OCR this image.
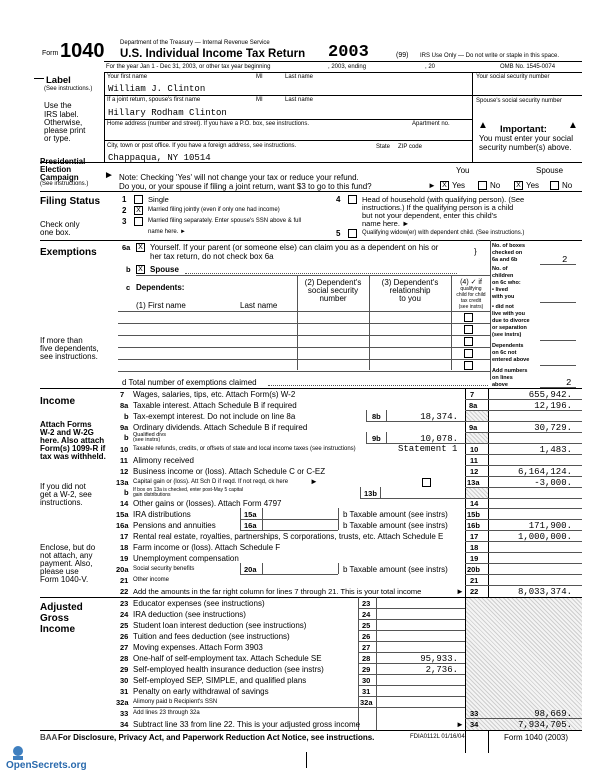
Form 1040	Department of the Treasury — Internal Revenue Service
U.S. Individual Income Tax Return 2003	(99) IRS Use Only — Do not write or staple in this space.
For the year Jan 1 - Dec 31, 2003, or other tax year beginning	, 2003, ending	, 20	OMB No. 1545-0074
Label
(See instructions.)
Use the
IRS label.
Otherwise,
please print
or type.
Your first name	MI	Last name	Your social security number
William J. Clinton
If a joint return, spouse's first name	MI	Last name	Spouse's social security number
Hillary Rodham Clinton
Home address (number and street). If you have a P.O. box, see instructions.	Apartment no.
City, town or post office. If you have a foreign address, see instructions.	State ZIP code
Chappaqua, NY 10514
▲ Important: ▲
You must enter your social
security number(s) above.
Presidential
Election
Campaign
(See instructions.)
► Note: Checking 'Yes' will not change your tax or reduce your refund.
Do you, or your spouse if filing a joint return, want $3 to go to this fund?
You	Spouse
► X Yes	No	X Yes	No
Filing Status
Check only
one box.
1	Single
2	X	Married filing jointly (even if only one had income)
3	Married filing separately. Enter spouse's SSN above & full
name here. ►
4	Head of household (with qualifying person). (See
instructions.) If the qualifying person is a child
but not your dependent, enter this child's
name here. ►
5	Qualifying widow(er) with dependent child. (See instructions.)
Exemptions	6a	X Yourself. If your parent (or someone else) can claim you as a dependent on his or
her tax return, do not check box 6a
b	X Spouse
}
c Dependents:
(1) First name	Last name
(2) Dependent's
social security
number
(3) Dependent's
relationship
to you
(4) ✓ if
qualifying
child for child
tax credit
(see instrs)
If more than
five dependents,
see instructions.
No. of boxes
checked on
6a and 6b	2
No. of
children
on 6c who:
• lived
with you
• did not
live with you
due to divorce
or separation
(see instrs)
Dependents
on 6c not
entered above
Add numbers
on lines
above
d Total number of exemptions claimed	2
Income
Attach Forms
W-2 and W-2G
here. Also attach
Form(s) 1099-R if
tax was withheld.
If you did not
get a W-2, see
instructions.
Enclose, but do
not attach, any
payment. Also,
please use
Form 1040-V.
7 Wages, salaries, tips, etc. Attach Form(s) W-2	7	655,942.
8a Taxable interest. Attach Schedule B if required	8a	12,196.
b Tax-exempt interest. Do not include on line 8a	8b	18,374.
9a Ordinary dividends. Attach Schedule B if required	9a	30,729.
b Qualified divs (see instrs)	9b	10,078.
10 Taxable refunds, credits, or offsets of state and local income taxes (see instructions)	Statement 1 10	1,483.
11 Alimony received	11
12 Business income or (loss). Attach Schedule C or C-EZ	12	6,164,124.
13a Capital gain or (loss). Att Sch D if reqd. If not reqd, ck here	►	13a	-3,000.
b If box on 13a is checked, enter post-May 5 capital gain distributions	13b
14 Other gains or (losses). Attach Form 4797	14
15a IRA distributions	15a	b Taxable amount (see instrs)	15b
16a Pensions and annuities	16a	b Taxable amount (see instrs)	16b	171,900.
17 Rental real estate, royalties, partnerships, S corporations, trusts, etc. Attach Schedule E	17	1,000,000.
18 Farm income or (loss). Attach Schedule F	18
19 Unemployment compensation	19
20a Social security benefits	20a	b Taxable amount (see instrs)	20b
21 Other income	21
22 Add the amounts in the far right column for lines 7 through 21. This is your total income	► 22	8,033,374.
Adjusted
Gross
Income
23 Educator expenses (see instructions)	23
24 IRA deduction (see instructions)	24
25 Student loan interest deduction (see instructions)	25
26 Tuition and fees deduction (see instructions)	26
27 Moving expenses. Attach Form 3903	27
28 One-half of self-employment tax. Attach Schedule SE	28	95,933.
29 Self-employed health insurance deduction (see instrs)	29	2,736.
30 Self-employed SEP, SIMPLE, and qualified plans	30
31 Penalty on early withdrawal of savings	31
32a Alimony paid b Recipient's SSN	32a
33 Add lines 23 through 32a	33	98,669.
34 Subtract line 33 from line 22. This is your adjusted gross income	► 34	7,934,705.
BAA For Disclosure, Privacy Act, and Paperwork Reduction Act Notice, see instructions.	FDIA0112L 01/16/04	Form 1040 (2003)
OpenSecrets.org
